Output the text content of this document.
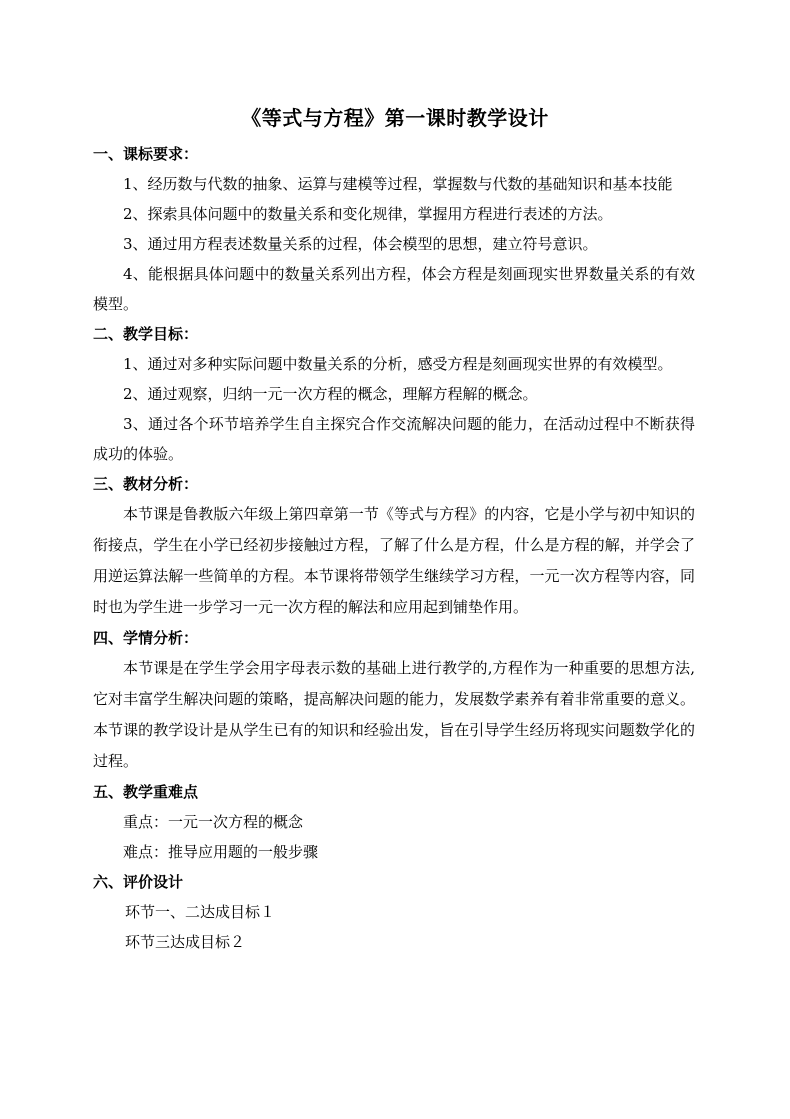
《等式与方程》第一课时教学设计

一、课标要求：

1、经历数与代数的抽象、运算与建模等过程，掌握数与代数的基础知识和基本技能

2、探索具体问题中的数量关系和变化规律，掌握用方程进行表述的方法。

3、通过用方程表述数量关系的过程，体会模型的思想，建立符号意识。

4、能根据具体问题中的数量关系列出方程，体会方程是刻画现实世界数量关系的有效模型。

二、教学目标：

1、通过对多种实际问题中数量关系的分析，感受方程是刻画现实世界的有效模型。

2、通过观察，归纳一元一次方程的概念，理解方程解的概念。

3、通过各个环节培养学生自主探究合作交流解决问题的能力，在活动过程中不断获得成功的体验。

三、教材分析：

本节课是鲁教版六年级上第四章第一节《等式与方程》的内容，它是小学与初中知识的衔接点，学生在小学已经初步接触过方程，了解了什么是方程，什么是方程的解，并学会了用逆运算法解一些简单的方程。本节课将带领学生继续学习方程，一元一次方程等内容，同时也为学生进一步学习一元一次方程的解法和应用起到铺垫作用。

四、学情分析：

本节课是在学生学会用字母表示数的基础上进行教学的,方程作为一种重要的思想方法,它对丰富学生解决问题的策略，提高解决问题的能力，发展数学素养有着非常重要的意义。本节课的教学设计是从学生已有的知识和经验出发，旨在引导学生经历将现实问题数学化的过程。

五、教学重难点

重点：一元一次方程的概念

难点：推导应用题的一般步骤

六、评价设计

环节一、二达成目标１

环节三达成目标２
